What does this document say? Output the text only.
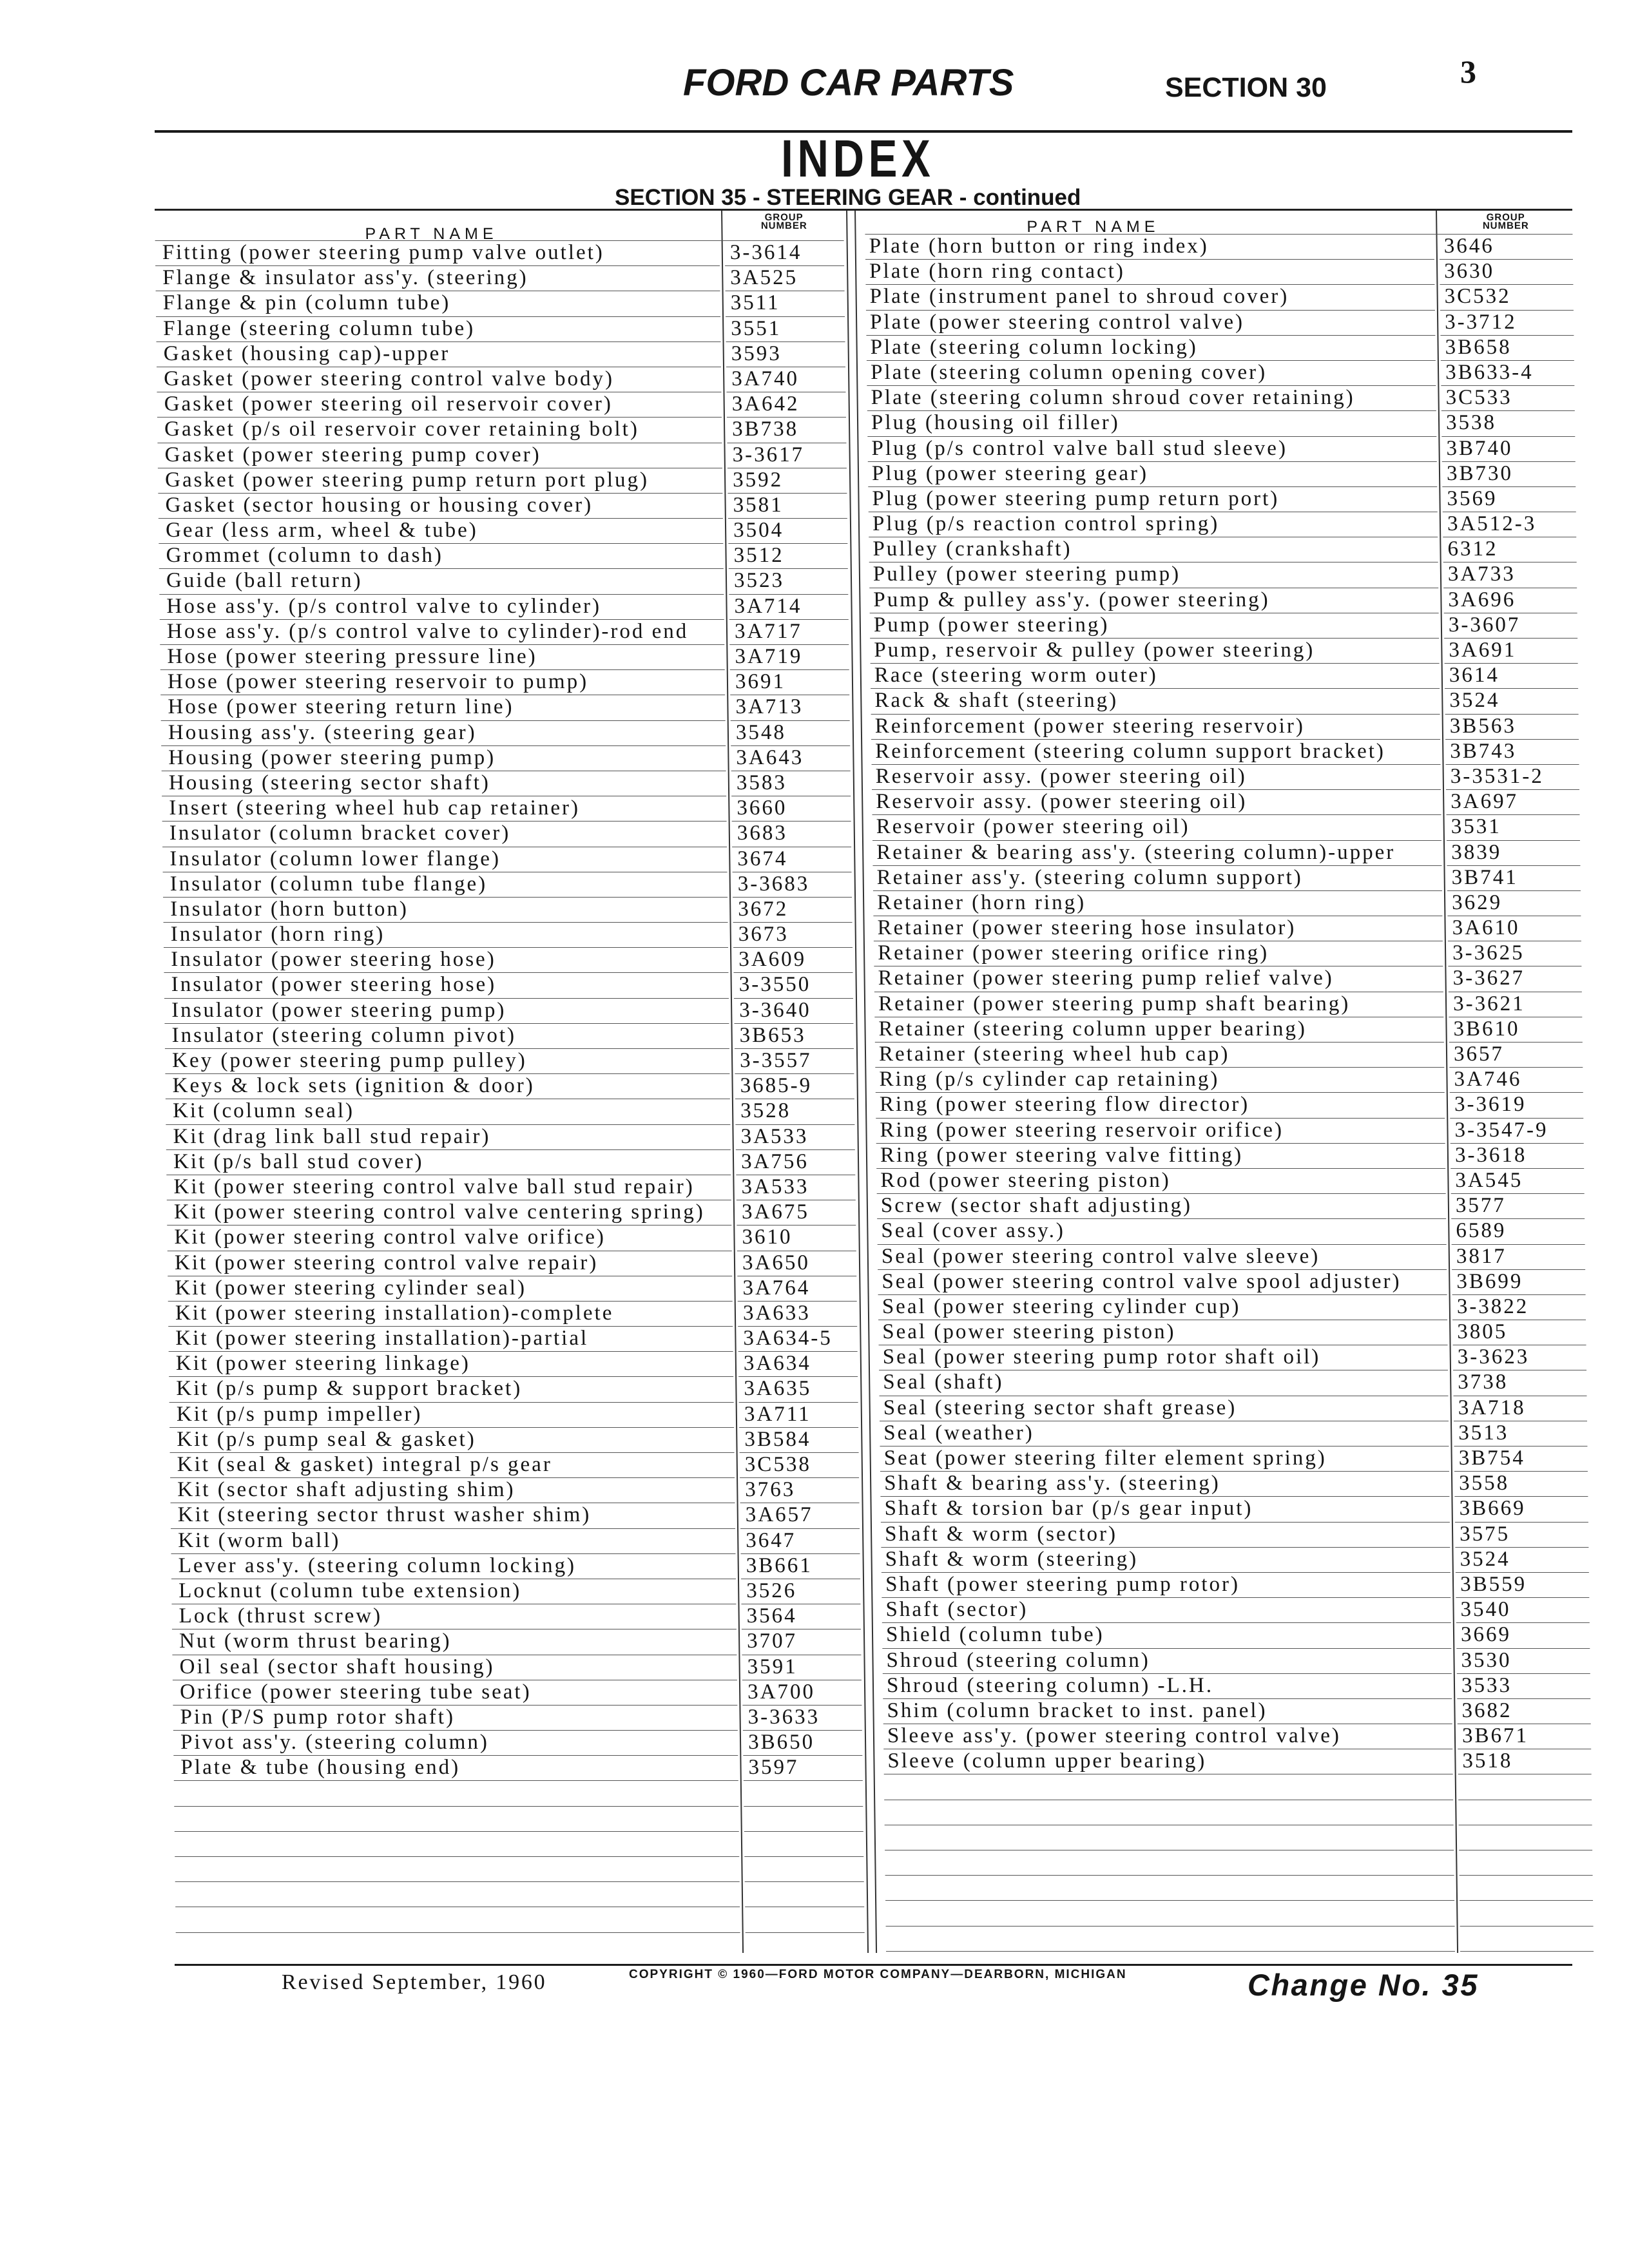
FORD CAR PARTS	SECTION 30	3
INDEX
SECTION 35 - STEERING GEAR - continued
PART NAME
GROUP
NUMBER
Fitting (power steering pump valve outlet)	3-3614
Flange & insulator ass'y. (steering)	3A525
Flange & pin (column tube)	3511
Flange (steering column tube)	3551
Gasket (housing cap)-upper	3593
Gasket (power steering control valve body)	3A740
Gasket (power steering oil reservoir cover)	3A642
Gasket (p/s oil reservoir cover retaining bolt)	3B738
Gasket (power steering pump cover)	3-3617
Gasket (power steering pump return port plug)	3592
Gasket (sector housing or housing cover)	3581
Gear (less arm, wheel & tube)	3504
Grommet (column to dash)	3512
Guide (ball return)	3523
Hose ass'y. (p/s control valve to cylinder)	3A714
Hose ass'y. (p/s control valve to cylinder)-rod end	3A717
Hose (power steering pressure line)	3A719
Hose (power steering reservoir to pump)	3691
Hose (power steering return line)	3A713
Housing ass'y. (steering gear)	3548
Housing (power steering pump)	3A643
Housing (steering sector shaft)	3583
Insert (steering wheel hub cap retainer)	3660
Insulator (column bracket cover)	3683
Insulator (column lower flange)	3674
Insulator (column tube flange)	3-3683
Insulator (horn button)	3672
Insulator (horn ring)	3673
Insulator (power steering hose)	3A609
Insulator (power steering hose)	3-3550
Insulator (power steering pump)	3-3640
Insulator (steering column pivot)	3B653
Key (power steering pump pulley)	3-3557
Keys & lock sets (ignition & door)	3685-9
Kit (column seal)	3528
Kit (drag link ball stud repair)	3A533
Kit (p/s ball stud cover)	3A756
Kit (power steering control valve ball stud repair)	3A533
Kit (power steering control valve centering spring)	3A675
Kit (power steering control valve orifice)	3610
Kit (power steering control valve repair)	3A650
Kit (power steering cylinder seal)	3A764
Kit (power steering installation)-complete	3A633
Kit (power steering installation)-partial	3A634-5
Kit (power steering linkage)	3A634
Kit (p/s pump & support bracket)	3A635
Kit (p/s pump impeller)	3A711
Kit (p/s pump seal & gasket)	3B584
Kit (seal & gasket) integral p/s gear	3C538
Kit (sector shaft adjusting shim)	3763
Kit (steering sector thrust washer shim)	3A657
Kit (worm ball)	3647
Lever ass'y. (steering column locking)	3B661
Locknut (column tube extension)	3526
Lock (thrust screw)	3564
Nut (worm thrust bearing)	3707
Oil seal (sector shaft housing)	3591
Orifice (power steering tube seat)	3A700
Pin (P/S pump rotor shaft)	3-3633
Pivot ass'y. (steering column)	3B650
Plate & tube (housing end)	3597
PART NAME
GROUP
NUMBER
Plate (horn button or ring index)	3646
Plate (horn ring contact)	3630
Plate (instrument panel to shroud cover)	3C532
Plate (power steering control valve)	3-3712
Plate (steering column locking)	3B658
Plate (steering column opening cover)	3B633-4
Plate (steering column shroud cover retaining)	3C533
Plug (housing oil filler)	3538
Plug (p/s control valve ball stud sleeve)	3B740
Plug (power steering gear)	3B730
Plug (power steering pump return port)	3569
Plug (p/s reaction control spring)	3A512-3
Pulley (crankshaft)	6312
Pulley (power steering pump)	3A733
Pump & pulley ass'y. (power steering)	3A696
Pump (power steering)	3-3607
Pump, reservoir & pulley (power steering)	3A691
Race (steering worm outer)	3614
Rack & shaft (steering)	3524
Reinforcement (power steering reservoir)	3B563
Reinforcement (steering column support bracket)	3B743
Reservoir assy. (power steering oil)	3-3531-2
Reservoir assy. (power steering oil)	3A697
Reservoir (power steering oil)	3531
Retainer & bearing ass'y. (steering column)-upper	3839
Retainer ass'y. (steering column support)	3B741
Retainer (horn ring)	3629
Retainer (power steering hose insulator)	3A610
Retainer (power steering orifice ring)	3-3625
Retainer (power steering pump relief valve)	3-3627
Retainer (power steering pump shaft bearing)	3-3621
Retainer (steering column upper bearing)	3B610
Retainer (steering wheel hub cap)	3657
Ring (p/s cylinder cap retaining)	3A746
Ring (power steering flow director)	3-3619
Ring (power steering reservoir orifice)	3-3547-9
Ring (power steering valve fitting)	3-3618
Rod (power steering piston)	3A545
Screw (sector shaft adjusting)	3577
Seal (cover assy.)	6589
Seal (power steering control valve sleeve)	3817
Seal (power steering control valve spool adjuster)	3B699
Seal (power steering cylinder cup)	3-3822
Seal (power steering piston)	3805
Seal (power steering pump rotor shaft oil)	3-3623
Seal (shaft)	3738
Seal (steering sector shaft grease)	3A718
Seal (weather)	3513
Seat (power steering filter element spring)	3B754
Shaft & bearing ass'y. (steering)	3558
Shaft & torsion bar (p/s gear input)	3B669
Shaft & worm (sector)	3575
Shaft & worm (steering)	3524
Shaft (power steering pump rotor)	3B559
Shaft (sector)	3540
Shield (column tube)	3669
Shroud (steering column)	3530
Shroud (steering column) -L.H.	3533
Shim (column bracket to inst. panel)	3682
Sleeve ass'y. (power steering control valve)	3B671
Sleeve (column upper bearing)	3518
Revised September, 1960	COPYRIGHT © 1960—FORD MOTOR COMPANY—DEARBORN, MICHIGAN	Change No. 35
